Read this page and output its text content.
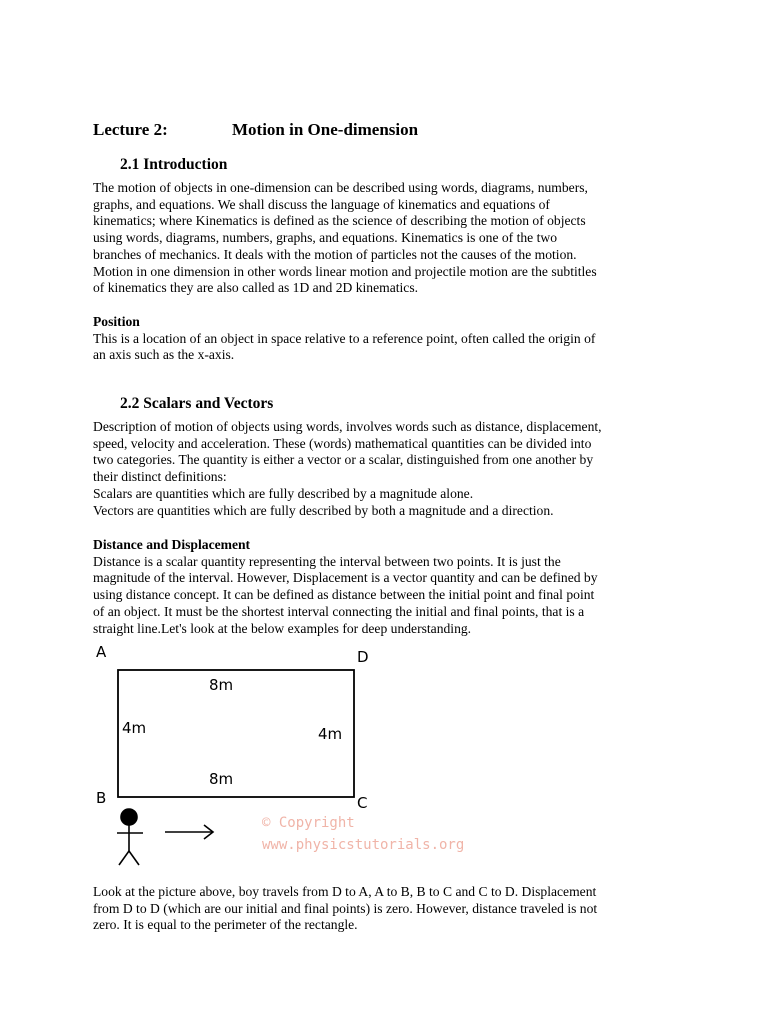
Lecture 2:	Motion in One-dimension
2.1 Introduction

The motion of objects in one-dimension can be described using words, diagrams, numbers,
graphs, and equations. We shall discuss the language of kinematics and equations of
kinematics; where Kinematics is defined as the science of describing the motion of objects
using words, diagrams, numbers, graphs, and equations. Kinematics is one of the two
branches of mechanics. It deals with the motion of particles not the causes of the motion.
Motion in one dimension in other words linear motion and projectile motion are the subtitles
of kinematics they are also called as 1D and 2D kinematics.

Position
This is a location of an object in space relative to a reference point, often called the origin of
an axis such as the x-axis.

2.2 Scalars and Vectors

Description of motion of objects using words, involves words such as distance, displacement,
speed, velocity and acceleration. These (words) mathematical quantities can be divided into
two categories. The quantity is either a vector or a scalar, distinguished from one another by
their distinct definitions:
Scalars are quantities which are fully described by a magnitude alone.
Vectors are quantities which are fully described by both a magnitude and a direction.

Distance and Displacement
Distance is a scalar quantity representing the interval between two points. It is just the
magnitude of the interval. However, Displacement is a vector quantity and can be defined by
using distance concept. It can be defined as distance between the initial point and final point
of an object. It must be the shortest interval connecting the initial and final points, that is a
straight line.Let's look at the below examples for deep understanding.

Look at the picture above, boy travels from D to A, A to B, B to C and C to D. Displacement
from D to D (which are our initial and final points) is zero. However, distance traveled is not
zero. It is equal to the perimeter of the rectangle.

A	D
B	C
8m
8m
4m	4m
© Copyright
www.physicstutorials.org
